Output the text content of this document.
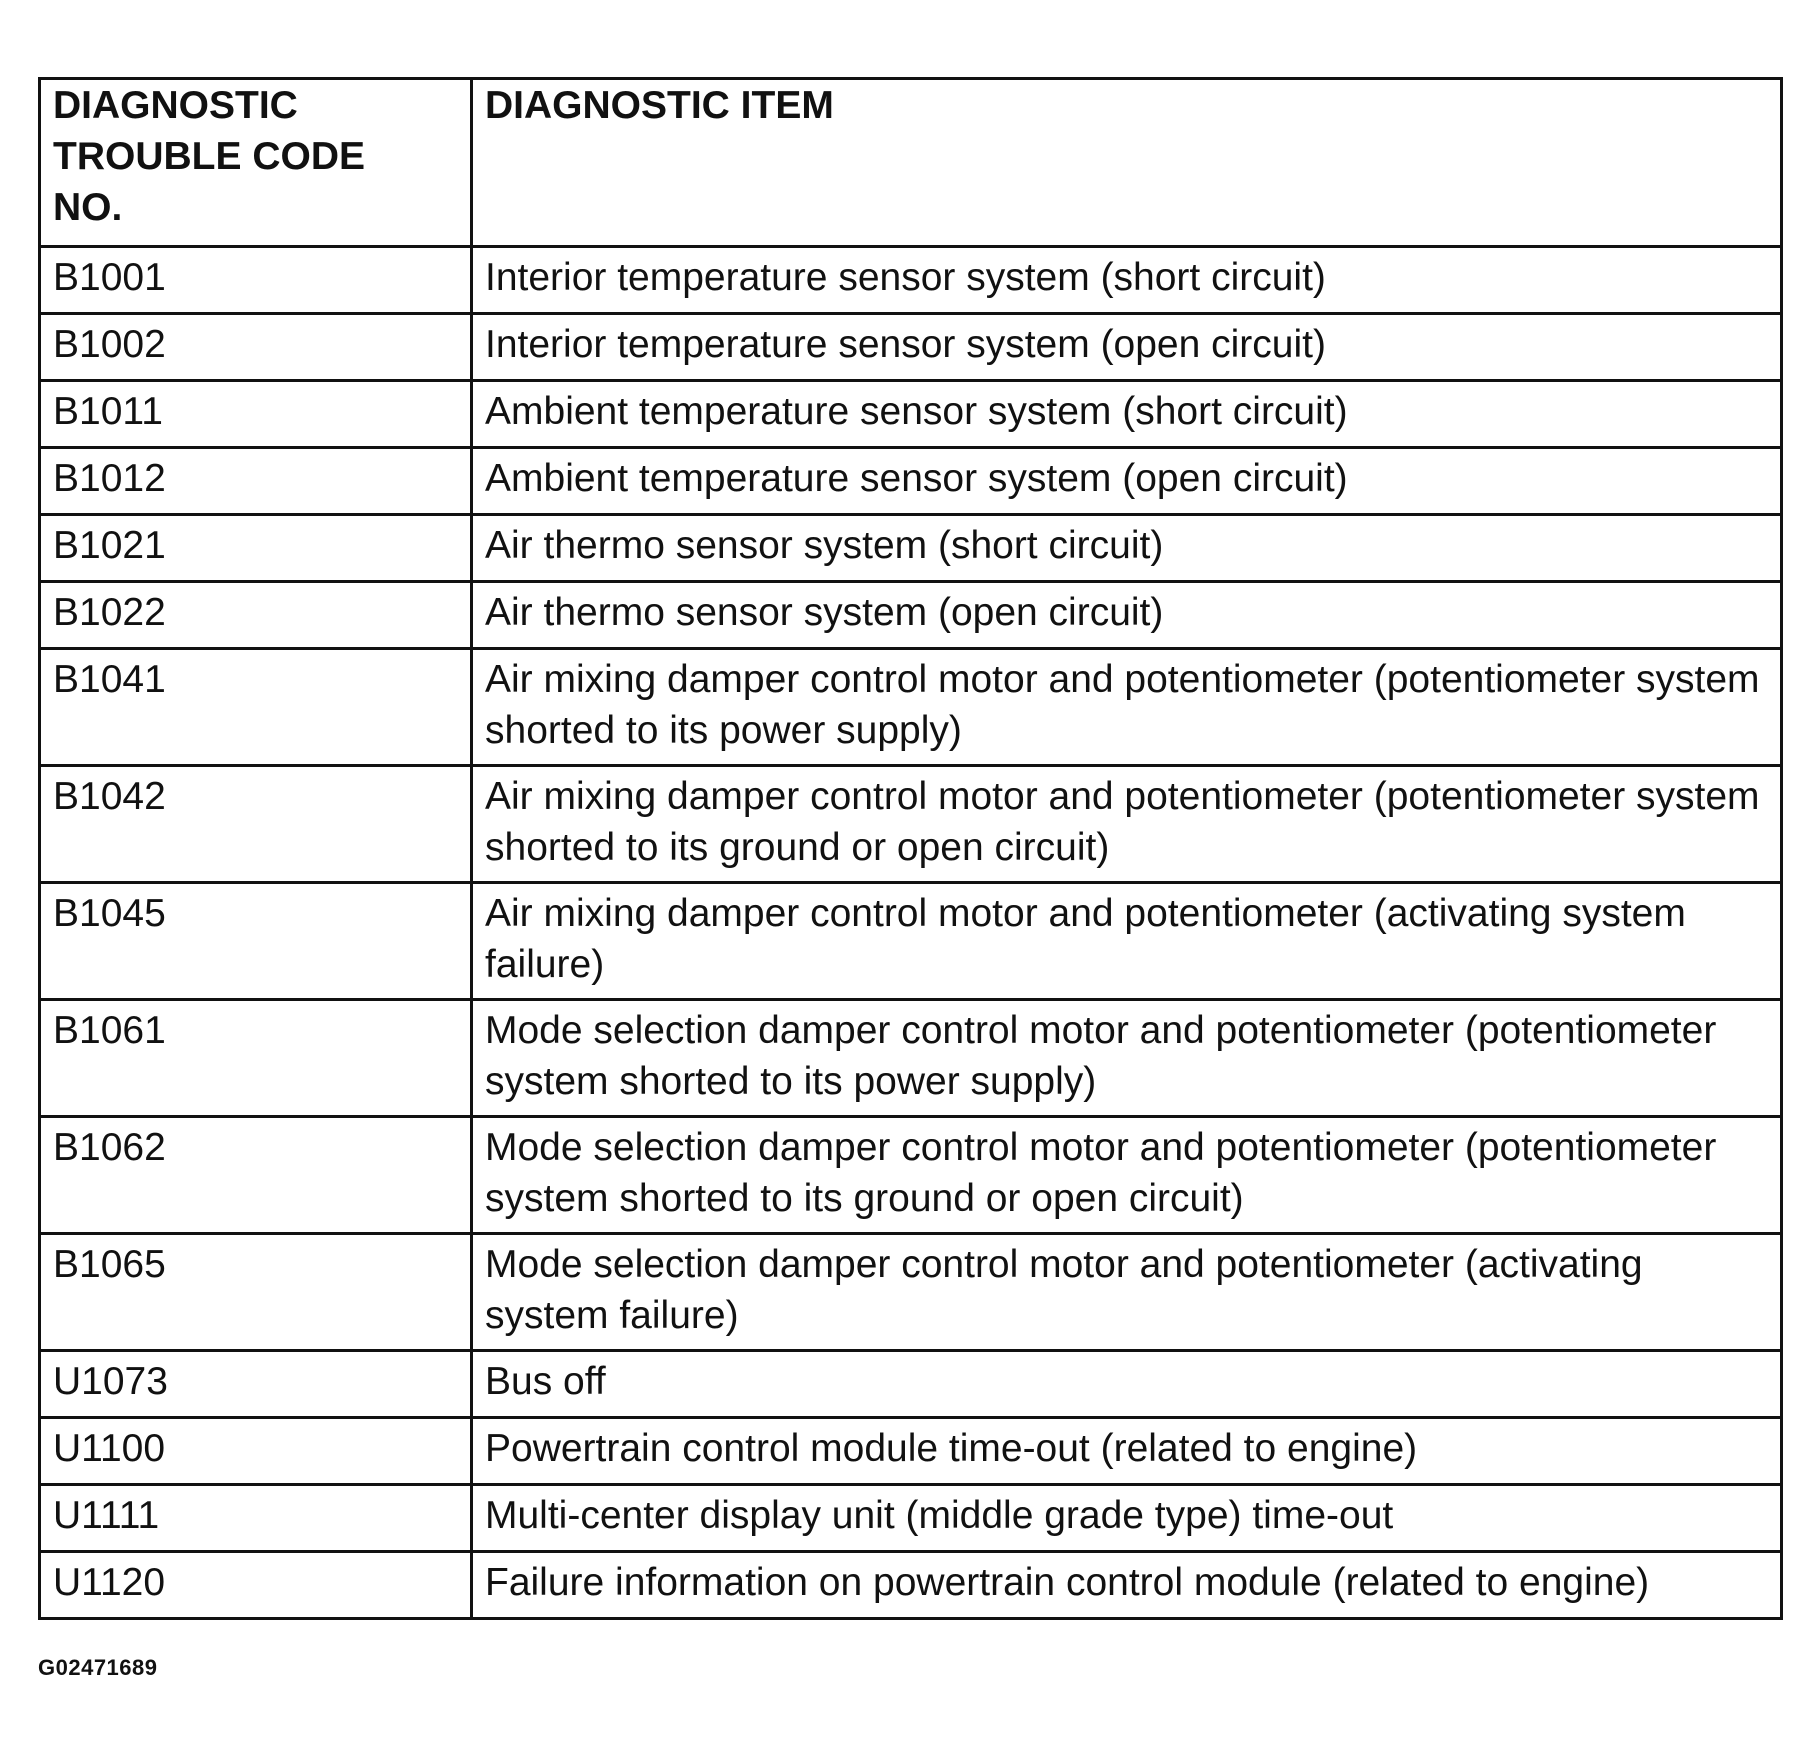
DIAGNOSTIC
TROUBLE CODE
NO.	DIAGNOSTIC ITEM
B1001	Interior temperature sensor system (short circuit)
B1002	Interior temperature sensor system (open circuit)
B1011	Ambient temperature sensor system (short circuit)
B1012	Ambient temperature sensor system (open circuit)
B1021	Air thermo sensor system (short circuit)
B1022	Air thermo sensor system (open circuit)
B1041	Air mixing damper control motor and potentiometer (potentiometer system shorted to its power supply)
B1042	Air mixing damper control motor and potentiometer (potentiometer system shorted to its ground or open circuit)
B1045	Air mixing damper control motor and potentiometer (activating system failure)
B1061	Mode selection damper control motor and potentiometer (potentiometer system shorted to its power supply)
B1062	Mode selection damper control motor and potentiometer (potentiometer system shorted to its ground or open circuit)
B1065	Mode selection damper control motor and potentiometer (activating system failure)
U1073	Bus off
U1100	Powertrain control module time-out (related to engine)
U1111	Multi-center display unit (middle grade type) time-out
U1120	Failure information on powertrain control module (related to engine)
G02471689
